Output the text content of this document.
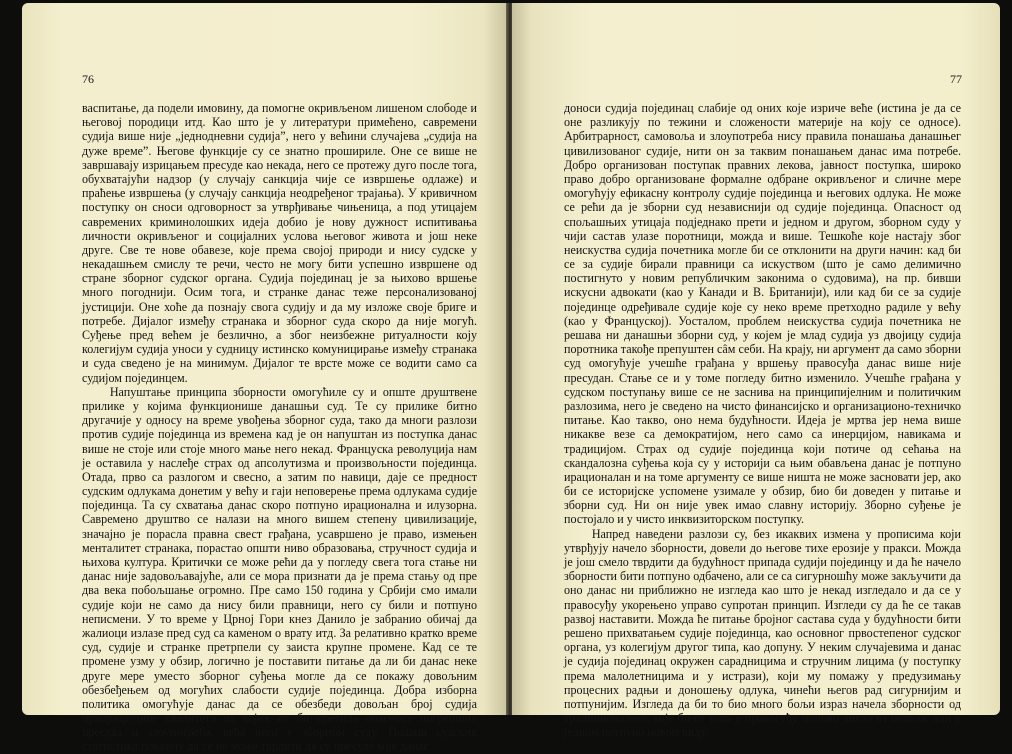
76

васпитање, да подели имовину, да помогне окривљеном лишеном слободе и његовој породици итд. Као што је у литератури примећено, савремени судија више није „једнодневни судија”, него у већини случајева „судија на дуже време”. Његове функције су се знатно прошириле. Оне се више не завршавају изрицањем пресуде као некада, него се протежу дуго после тога, обухватајући надзор (у случају санкција чије се извршење одлаже) и праћење извршења (у случају санкција неодређеног трајања). У кривичном поступку он сноси одговорност за утврђивање чињеница, а под утицајем савремених криминолошких идеја добио је нову дужност испитивања личности окривљеног и социјалних услова његовог живота и још неке друге. Све те нове обавезе, које према својој природи и нису судске у некадашњем смислу те речи, често не могу бити успешно извршене од стране зборног судског органа. Судија појединац је за њихово вршење много погоднији. Осим тога, и странке данас теже персонализованој јустицији. Оне хоће да познају свога судију и да му изложе своје бриге и потребе. Дијалог између странака и зборног суда скоро да није могућ. Суђење пред већем је безлично, а због неизбежне ритуалности коју колегијум судија уноси у судницу истинско комуницирање између странака и суда сведено је на минимум. Дијалог те врсте може се водити само са судијом појединцем.

Напуштање принципа зборности омогућиле су и опште друштвене прилике у којима функционише данашњи суд. Те су прилике битно другачије у односу на време увођења зборног суда, тако да многи разлози против судије појединца из времена кад је он напуштан из поступка данас више не стоје или стоје много мање него некад. Француска револуција нам је оставила у наслеђе страх од апсолутизма и произвољности појединца. Отада, прво са разлогом и свесно, а затим по навици, даје се предност судским одлукама донетим у већу и гаји неповерење према одлукама судије појединца. Та су схватања данас скоро потпуно ирационална и илузорна. Савремено друштво се налази на много вишем степену цивилизације, значајно је порасла правна свест грађана, усавршено је право, измењен менталитет странака, порастао општи ниво образовања, стручност судија и њихова култура. Критички се може рећи да у погледу свега тога стање ни данас није задовољавајуће, али се мора признати да је према стању од пре два века побољшање огромно. Пре само 150 година у Србији смо имали судије који не само да нису били правници, него су били и потпуно неписмени. У то време у Црној Гори кнез Данило је забранио обичај да жалиоци излазе пред суд са каменом о врату итд. За релативно кратко време суд, судије и странке претрпели су заиста крупне промене. Кад се те промене узму у обзир, логично је поставити питање да ли би данас неке друге мере уместо зборног суђења могле да се покажу довољним обезбеђењем од могућих слабости судије појединца. Добра изборна политика омогућује данас да се обезбеди довољан број судија прворазредног квалитета од којих не би претила опасност погрешних пресуда и злоупотреба, већа него у зборном суду. Подаци судских статистика показују да се не може тврдити да су пресуде које данас

77

доноси судија појединац слабије од оних које изриче веће (истина је да се оне разликују по тежини и сложености материје на коју се односе). Арбитрарност, самовоља и злоупотреба нису правила понашања данашњег цивилизованог судије, нити он за таквим понашањем данас има потребе. Добро организован поступак правних лекова, јавност поступка, широко право добро организоване формалне одбране окривљеног и сличне мере омогућују ефикасну контролу судије појединца и његових одлука. Не може се рећи да је зборни суд независнији од судије појединца. Опасност од спољашњих утицаја подједнако прети и једном и другом, зборном суду у чији састав улазе поротници, можда и више. Тешкоће које настају због неискуства судија почетника могле би се отклонити на други начин: кад би се за судије бирали правници са искуством (што је само делимично постигнуто у новим републичким законима о судовима), на пр. бивши искусни адвокати (као у Канади и В. Британији), или кад би се за судије појединце одређивале судије које су неко време претходно радиле у већу (као у Француској). Уосталом, проблем неискуства судија почетника не решава ни данашњи зборни суд, у којем је млад судија уз двојицу судија поротника такође препуштен сâм себи. На крају, ни аргумент да само зборни суд омогућује учешће грађана у вршењу правосуђа данас више није пресудан. Стање се и у томе погледу битно изменило. Учешће грађана у судском поступању више се не заснива на принципијелним и политичким разлозима, него је сведено на чисто финансијско и организационо-техничко питање. Као такво, оно нема будућности. Идеја је мртва јер нема више никакве везе са демократијом, него само са инерцијом, навикама и традицијом. Страх од судије појединца који потиче од сећања на скандалозна суђења која су у историји са њим обављена данас је потпуно ирационалан и на томе аргументу се више ништа не може засновати јер, ако би се историјске успомене узимале у обзир, био би доведен у питање и зборни суд. Ни он није увек имао славну историју. Зборно суђење је постојало и у чисто инквизиторском поступку.

Напред наведени разлози су, без икаквих измена у прописима који утврђују начело зборности, довели до његове тихе ерозије у пракси. Можда је још смело тврдити да будућност припада судији појединцу и да ће начело зборности бити потпуно одбачено, али се са сигурношћу може закључити да оно данас ни приближно не изгледа као што је некад изгледало и да се у правосуђу укорењено управо супротан принцип. Изгледи су да ће се такав развој наставити. Можда ће питање бројног састава суда у будућности бити решено прихватањем судије појединца, као основног првостепеног судског органа, уз колегијум другог типа, као допуну. У неким случајевима и данас је судија појединац окружен сарадницима и стручним лицима (у поступку према малолетницима и у истрази), који му помажу у предузимању процесних радњи и доношењу одлука, чинећи његов рад сигурнијим и потпунијим. Изгледа да би то био много бољи израз начела зборности од традиционалног, које би се тако у правосуђу поново дигло из пепела, али у једном потпуно новом виду.
